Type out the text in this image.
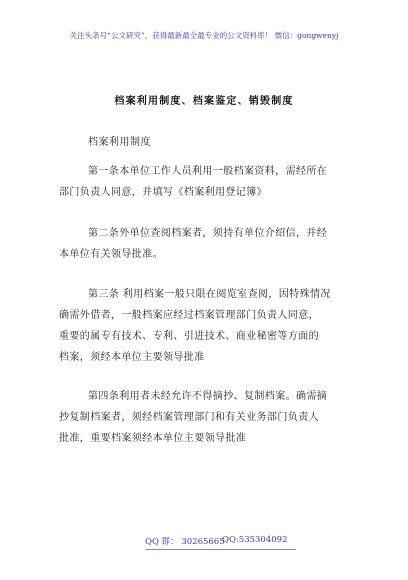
关注头条号“公文研究”，获得最新最全最专业的公文资料库！ 微信：gongwenyj
档案利用制度、档案鉴定、销毁制度
档案利用制度
第一条本单位工作人员利用一般档案资料，需经所在
部门负责人同意，并填写《档案利用登记簿》
第二条外单位查阅档案者，须持有单位介绍信，并经
本单位有关领导批准。
第三条 利用档案一般只限在阅览室查阅，因特殊情况
确需外借者，一般档案应经过档案管理部门负责人同意，
重要的属专有技术、专利、引进技术、商业秘密等方面的
档案，须经本单位主要领导批准
第四条利用者未经允许不得摘抄、复制档案。确需摘
抄复制档案者，须经档案管理部门和有关业务部门负责人
批准，重要档案须经本单位主要领导批准
QQ 群： 30265665
QQ:535304092
